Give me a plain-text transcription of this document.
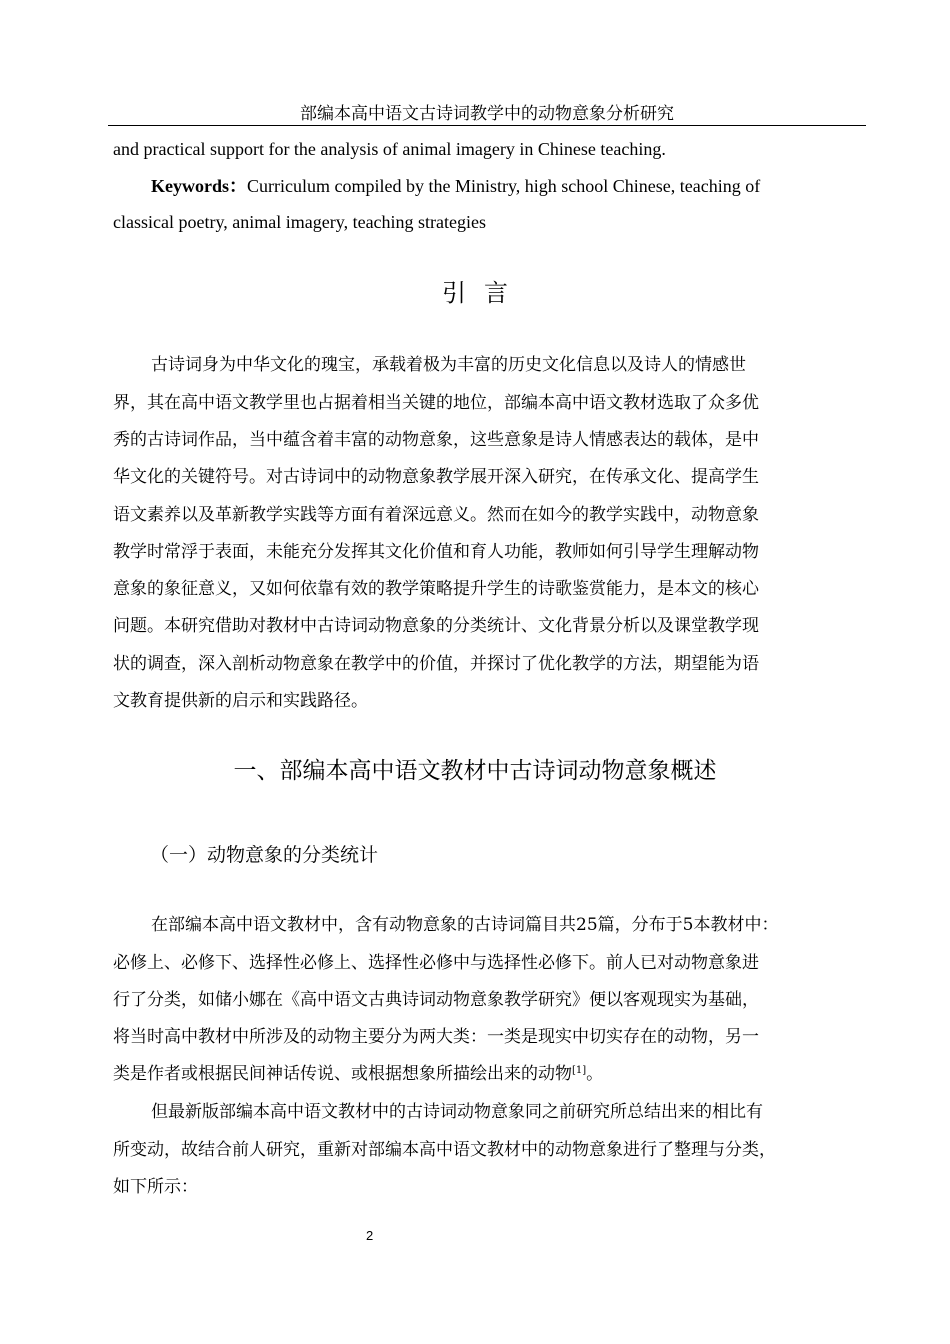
部编本高中语文古诗词教学中的动物意象分析研究
and practical support for the analysis of animal imagery in Chinese teaching.
Keywords：Curriculum compiled by the Ministry, high school Chinese, teaching of
classical poetry, animal imagery, teaching strategies
引言
古诗词身为中华文化的瑰宝，承载着极为丰富的历史文化信息以及诗人的情感世
界，其在高中语文教学里也占据着相当关键的地位，部编本高中语文教材选取了众多优
秀的古诗词作品，当中蕴含着丰富的动物意象，这些意象是诗人情感表达的载体，是中
华文化的关键符号。对古诗词中的动物意象教学展开深入研究，在传承文化、提高学生
语文素养以及革新教学实践等方面有着深远意义。然而在如今的教学实践中，动物意象
教学时常浮于表面，未能充分发挥其文化价值和育人功能，教师如何引导学生理解动物
意象的象征意义，又如何依靠有效的教学策略提升学生的诗歌鉴赏能力，是本文的核心
问题。本研究借助对教材中古诗词动物意象的分类统计、文化背景分析以及课堂教学现
状的调查，深入剖析动物意象在教学中的价值，并探讨了优化教学的方法，期望能为语
文教育提供新的启示和实践路径。
一、部编本高中语文教材中古诗词动物意象概述
（一）动物意象的分类统计
在部编本高中语文教材中，含有动物意象的古诗词篇目共25篇，分布于5本教材中：
必修上、必修下、选择性必修上、选择性必修中与选择性必修下。前人已对动物意象进
行了分类，如储小娜在《高中语文古典诗词动物意象教学研究》便以客观现实为基础，
将当时高中教材中所涉及的动物主要分为两大类：一类是现实中切实存在的动物，另一
类是作者或根据民间神话传说、或根据想象所描绘出来的动物[1]。
但最新版部编本高中语文教材中的古诗词动物意象同之前研究所总结出来的相比有
所变动，故结合前人研究，重新对部编本高中语文教材中的动物意象进行了整理与分类，
如下所示：
2
